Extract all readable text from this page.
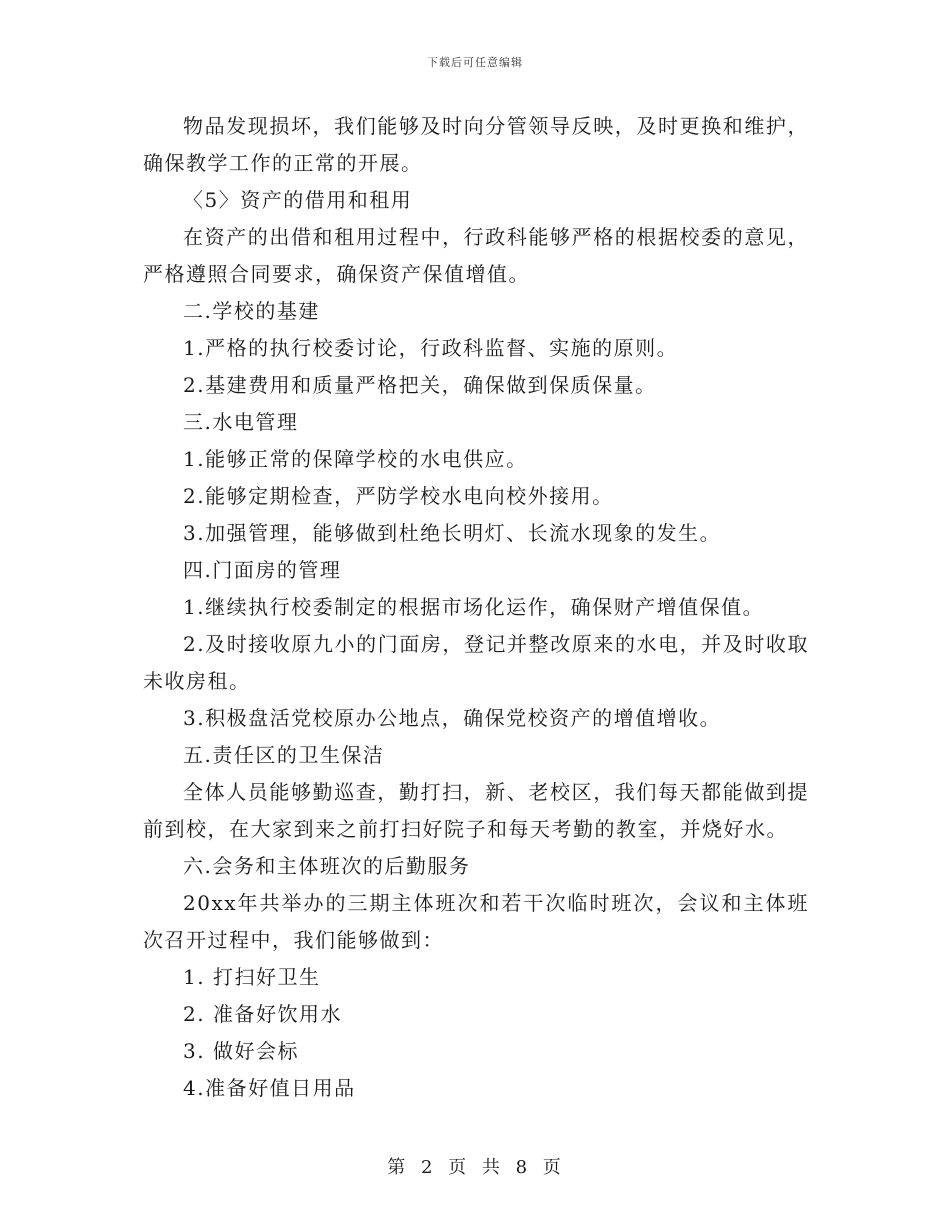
下载后可任意编辑

物品发现损坏，我们能够及时向分管领导反映，及时更换和维护，确保教学工作的正常的开展。

〈5〉资产的借用和租用

在资产的出借和租用过程中，行政科能够严格的根据校委的意见，严格遵照合同要求，确保资产保值增值。

二.学校的基建

1.严格的执行校委讨论，行政科监督、实施的原则。

2.基建费用和质量严格把关，确保做到保质保量。

三.水电管理

1.能够正常的保障学校的水电供应。

2.能够定期检查，严防学校水电向校外接用。

3.加强管理，能够做到杜绝长明灯、长流水现象的发生。

四.门面房的管理

1.继续执行校委制定的根据市场化运作，确保财产增值保值。

2.及时接收原九小的门面房，登记并整改原来的水电，并及时收取未收房租。

3.积极盘活党校原办公地点，确保党校资产的增值增收。

五.责任区的卫生保洁

全体人员能够勤巡查，勤打扫，新、老校区，我们每天都能做到提前到校，在大家到来之前打扫好院子和每天考勤的教室，并烧好水。

六.会务和主体班次的后勤服务

20xx年共举办的三期主体班次和若干次临时班次，会议和主体班次召开过程中，我们能够做到：

1. 打扫好卫生

2. 准备好饮用水

3. 做好会标

4.准备好值日用品

第 2 页 共 8 页
